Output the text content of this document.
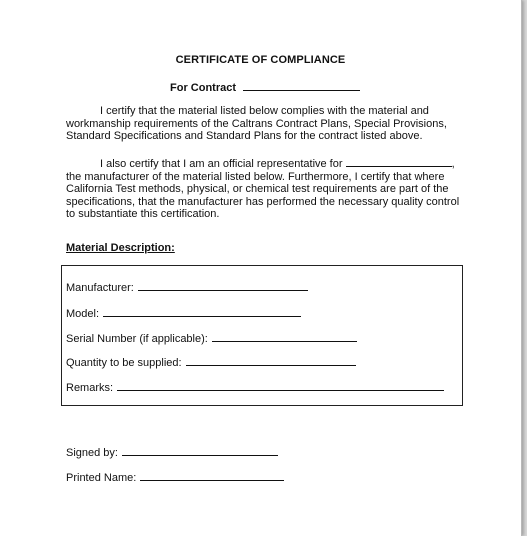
CERTIFICATE OF COMPLIANCE
For Contract

I certify that the material listed below complies with the material and
workmanship requirements of the Caltrans Contract Plans, Special Provisions,
Standard Specifications and Standard Plans for the contract listed above.

I also certify that I am an official representative for	,
the manufacturer of the material listed below. Furthermore, I certify that where
California Test methods, physical, or chemical test requirements are part of the
specifications, that the manufacturer has performed the necessary quality control
to substantiate this certification.

Material Description:
Manufacturer:
Model:
Serial Number (if applicable):
Quantity to be supplied:
Remarks:
Signed by:
Printed Name:
